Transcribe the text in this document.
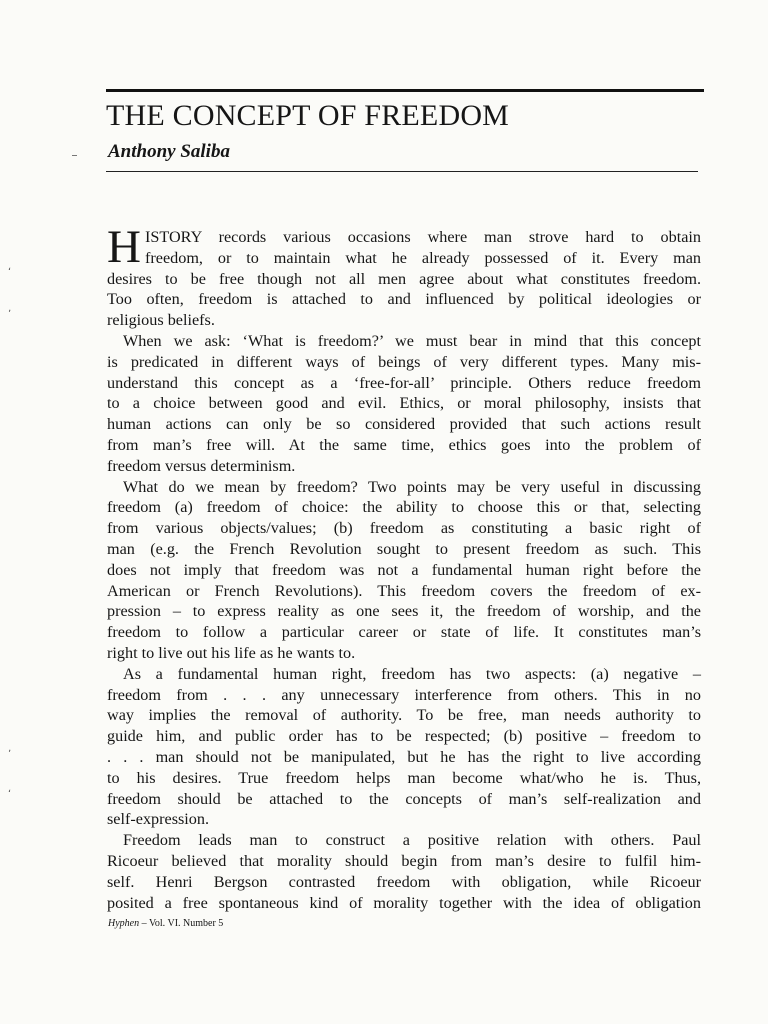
THE CONCEPT OF FREEDOM
Anthony Saliba
ʻ
ʼ
ʼ
ʻ
H ISTORY records various occasions where man strove hard to obtain
freedom, or to maintain what he already possessed of it. Every man
desires to be free though not all men agree about what constitutes freedom.
Too often, freedom is attached to and influenced by political ideologies or
religious beliefs.
When we ask: ‘What is freedom?’ we must bear in mind that this concept
is predicated in different ways of beings of very different types. Many mis-
understand this concept as a ‘free-for-all’ principle. Others reduce freedom
to a choice between good and evil. Ethics, or moral philosophy, insists that
human actions can only be so considered provided that such actions result
from man’s free will. At the same time, ethics goes into the problem of
freedom versus determinism.
What do we mean by freedom? Two points may be very useful in discussing
freedom (a) freedom of choice: the ability to choose this or that, selecting
from various objects/values; (b) freedom as constituting a basic right of
man (e.g. the French Revolution sought to present freedom as such. This
does not imply that freedom was not a fundamental human right before the
American or French Revolutions). This freedom covers the freedom of ex-
pression – to express reality as one sees it, the freedom of worship, and the
freedom to follow a particular career or state of life. It constitutes man’s
right to live out his life as he wants to.
As a fundamental human right, freedom has two aspects: (a) negative –
freedom from . . . any unnecessary interference from others. This in no
way implies the removal of authority. To be free, man needs authority to
guide him, and public order has to be respected; (b) positive – freedom to
. . . man should not be manipulated, but he has the right to live according
to his desires. True freedom helps man become what/who he is. Thus,
freedom should be attached to the concepts of man’s self-realization and
self-expression.
Freedom leads man to construct a positive relation with others. Paul
Ricoeur believed that morality should begin from man’s desire to fulfil him-
self. Henri Bergson contrasted freedom with obligation, while Ricoeur
posited a free spontaneous kind of morality together with the idea of obligation
Hyphen – Vol. VI. Number 5
